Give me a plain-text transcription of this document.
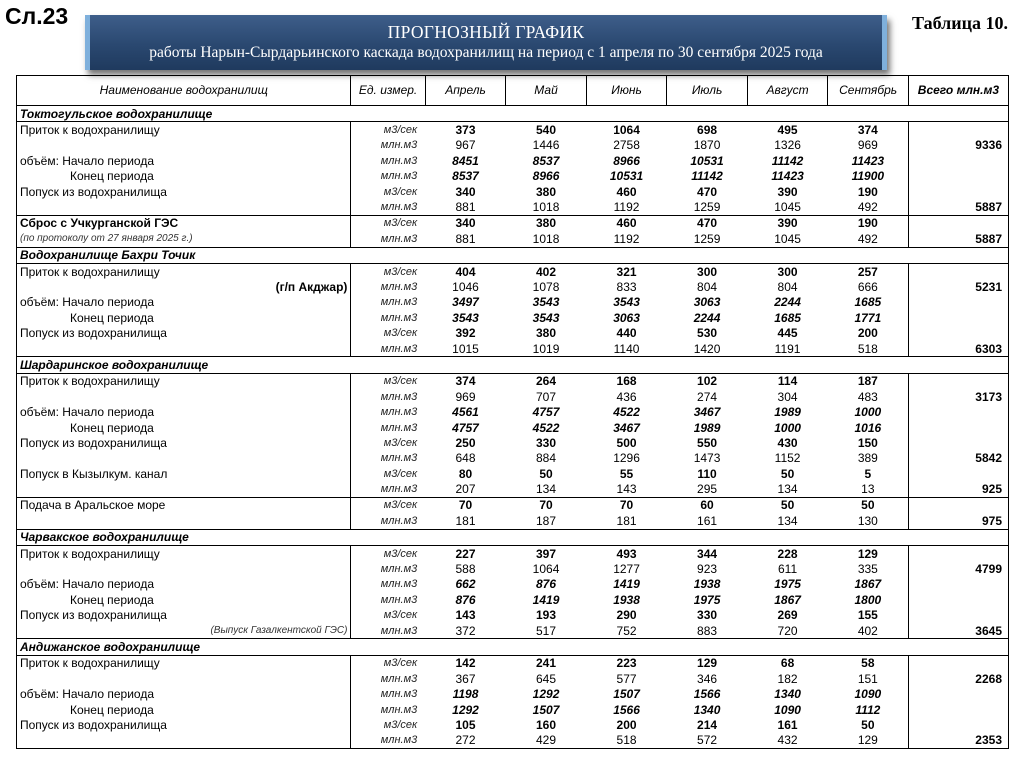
Сл.23
ПРОГНОЗНЫЙ ГРАФИК
работы Нарын-Сырдарьинского каскада водохранилищ на период с 1 апреля по 30 сентября 2025 года
Таблица 10.
Наименование водохранилищ	Ед. измер.	Апрель	Май	Июнь	Июль	Август	Сентябрь	Всего млн.м3
Токтогульское водохранилище								
Приток к водохранилищу	м3/сек	373	540	1064	698	495	374	
	млн.м3	967	1446	2758	1870	1326	969	9336
объём: Начало периода	млн.м3	8451	8537	8966	10531	11142	11423	
Конец периода	млн.м3	8537	8966	10531	11142	11423	11900	
Попуск из водохранилища	м3/сек	340	380	460	470	390	190	
	млн.м3	881	1018	1192	1259	1045	492	5887
Сброс с Учкурганской ГЭС	м3/сек	340	380	460	470	390	190	
(по протоколу от 27 января 2025 г.)	млн.м3	881	1018	1192	1259	1045	492	5887
Водохранилище Бахри Точик								
Приток к водохранилищу	м3/сек	404	402	321	300	300	257	
(г/п Акджар)	млн.м3	1046	1078	833	804	804	666	5231
объём: Начало периода	млн.м3	3497	3543	3543	3063	2244	1685	
Конец периода	млн.м3	3543	3543	3063	2244	1685	1771	
Попуск из водохранилища	м3/сек	392	380	440	530	445	200	
	млн.м3	1015	1019	1140	1420	1191	518	6303
Шардаринское водохранилище								
Приток к водохранилищу	м3/сек	374	264	168	102	114	187	
	млн.м3	969	707	436	274	304	483	3173
объём: Начало периода	млн.м3	4561	4757	4522	3467	1989	1000	
Конец периода	млн.м3	4757	4522	3467	1989	1000	1016	
Попуск из водохранилища	м3/сек	250	330	500	550	430	150	
	млн.м3	648	884	1296	1473	1152	389	5842
Попуск в Кызылкум. канал	м3/сек	80	50	55	110	50	5	
	млн.м3	207	134	143	295	134	13	925
Подача в Аральское море	м3/сек	70	70	70	60	50	50	
	млн.м3	181	187	181	161	134	130	975
Чарвакское водохранилище								
Приток к водохранилищу	м3/сек	227	397	493	344	228	129	
	млн.м3	588	1064	1277	923	611	335	4799
объём: Начало периода	млн.м3	662	876	1419	1938	1975	1867	
Конец периода	млн.м3	876	1419	1938	1975	1867	1800	
Попуск из водохранилища	м3/сек	143	193	290	330	269	155	
(Выпуск Газалкентской ГЭС)	млн.м3	372	517	752	883	720	402	3645
Андижанское водохранилище								
Приток к водохранилищу	м3/сек	142	241	223	129	68	58	
	млн.м3	367	645	577	346	182	151	2268
объём: Начало периода	млн.м3	1198	1292	1507	1566	1340	1090	
Конец периода	млн.м3	1292	1507	1566	1340	1090	1112	
Попуск из водохранилища	м3/сек	105	160	200	214	161	50	
	млн.м3	272	429	518	572	432	129	2353
